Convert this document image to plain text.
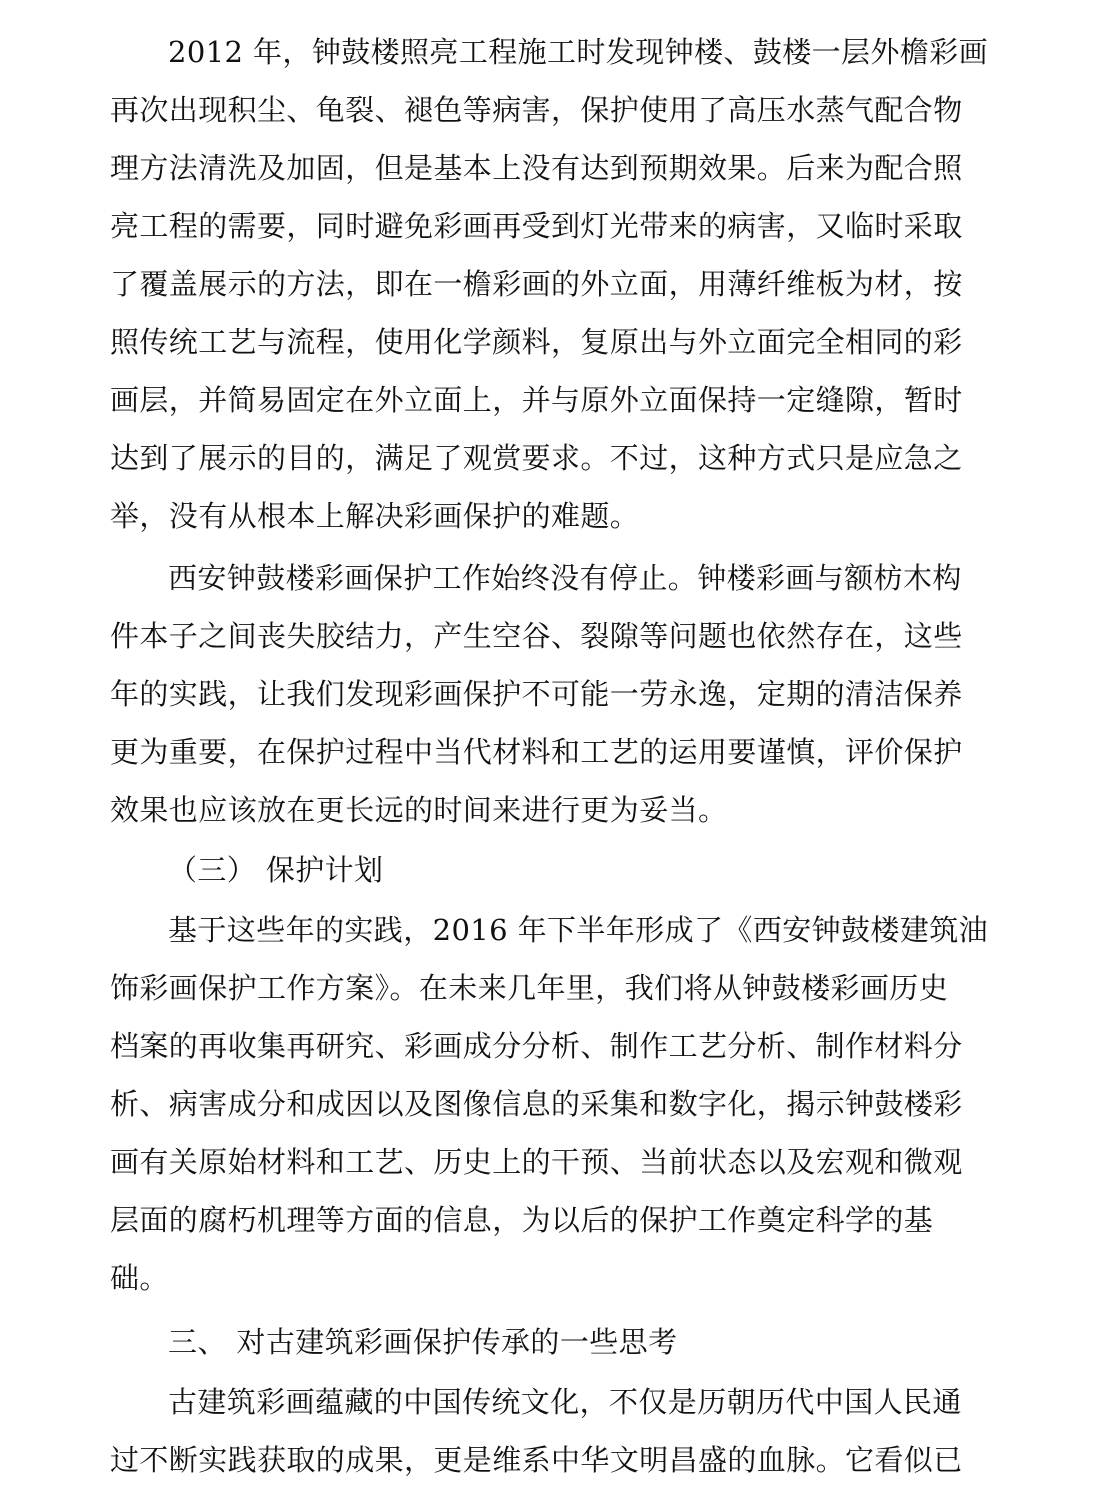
2012 年，钟鼓楼照亮工程施工时发现钟楼、鼓楼一层外檐彩画
再次出现积尘、龟裂、褪色等病害，保护使用了高压水蒸气配合物
理方法清洗及加固，但是基本上没有达到预期效果。后来为配合照
亮工程的需要，同时避免彩画再受到灯光带来的病害，又临时采取
了覆盖展示的方法，即在一檐彩画的外立面，用薄纤维板为材，按
照传统工艺与流程，使用化学颜料，复原出与外立面完全相同的彩
画层，并简易固定在外立面上，并与原外立面保持一定缝隙，暂时
达到了展示的目的，满足了观赏要求。不过，这种方式只是应急之
举，没有从根本上解决彩画保护的难题。
西安钟鼓楼彩画保护工作始终没有停止。钟楼彩画与额枋木构
件本子之间丧失胶结力，产生空谷、裂隙等问题也依然存在，这些
年的实践，让我们发现彩画保护不可能一劳永逸，定期的清洁保养
更为重要，在保护过程中当代材料和工艺的运用要谨慎，评价保护
效果也应该放在更长远的时间来进行更为妥当。
（三） 保护计划
基于这些年的实践，2016 年下半年形成了《西安钟鼓楼建筑油
饰彩画保护工作方案》。在未来几年里，我们将从钟鼓楼彩画历史
档案的再收集再研究、彩画成分分析、制作工艺分析、制作材料分
析、病害成分和成因以及图像信息的采集和数字化，揭示钟鼓楼彩
画有关原始材料和工艺、历史上的干预、当前状态以及宏观和微观
层面的腐朽机理等方面的信息，为以后的保护工作奠定科学的基
础。
三、 对古建筑彩画保护传承的一些思考
古建筑彩画蕴藏的中国传统文化，不仅是历朝历代中国人民通
过不断实践获取的成果，更是维系中华文明昌盛的血脉。它看似已
